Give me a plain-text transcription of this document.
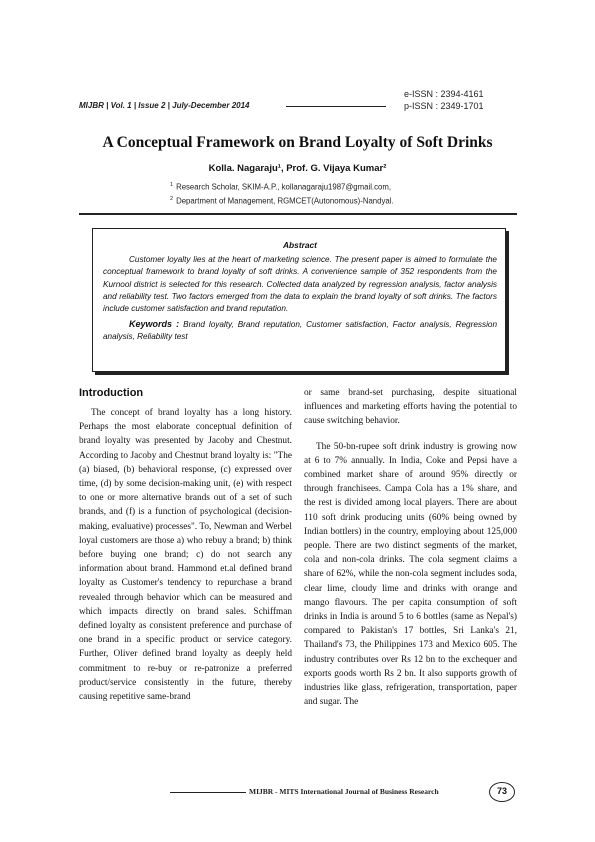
MIJBR | Vol. 1 | Issue 2 | July-December 2014
e-ISSN : 2394-4161
p-ISSN : 2349-1701
A Conceptual Framework on Brand Loyalty of Soft Drinks
Kolla. Nagaraju¹, Prof. G. Vijaya Kumar²
$^1$ Research Scholar, SKIM-A.P., kollanagaraju1987@gmail.com,
$^2$ Department of Management, RGMCET(Autonomous)-Nandyal.
Abstract

Customer loyalty lies at the heart of marketing science. The present paper is aimed to formulate the conceptual framework to brand loyalty of soft drinks. A convenience sample of 352 respondents from the Kurnool district is selected for this research. Collected data analyzed by regression analysis, factor analysis and reliability test. Two factors emerged from the data to explain the brand loyalty of soft drinks. The factors include customer satisfaction and brand reputation.

Keywords : Brand loyalty, Brand reputation, Customer satisfaction, Factor analysis, Regression analysis, Reliability test

Introduction

The concept of brand loyalty has a long history. Perhaps the most elaborate conceptual definition of brand loyalty was presented by Jacoby and Chestnut. According to Jacoby and Chestnut brand loyalty is: "The (a) biased, (b) behavioral response, (c) expressed over time, (d) by some decision-making unit, (e) with respect to one or more alternative brands out of a set of such brands, and (f) is a function of psychological (decision-making, evaluative) processes". To, Newman and Werbel loyal customers are those a) who rebuy a brand; b) think before buying one brand; c) do not search any information about brand. Hammond et.al defined brand loyalty as Customer's tendency to repurchase a brand revealed through behavior which can be measured and which impacts directly on brand sales. Schiffman defined loyalty as consistent preference and purchase of one brand in a specific product or service category. Further, Oliver defined brand loyalty as deeply held commitment to re-buy or re-patronize a preferred product/service consistently in the future, thereby causing repetitive same-brand

or same brand-set purchasing, despite situational influences and marketing efforts having the potential to cause switching behavior.

The 50-bn-rupee soft drink industry is growing now at 6 to 7% annually. In India, Coke and Pepsi have a combined market share of around 95% directly or through franchisees. Campa Cola has a 1% share, and the rest is divided among local players. There are about 110 soft drink producing units (60% being owned by Indian bottlers) in the country, employing about 125,000 people. There are two distinct segments of the market, cola and non-cola drinks. The cola segment claims a share of 62%, while the non-cola segment includes soda, clear lime, cloudy lime and drinks with orange and mango flavours. The per capita consumption of soft drinks in India is around 5 to 6 bottles (same as Nepal's) compared to Pakistan's 17 bottles, Sri Lanka's 21, Thailand's 73, the Philippines 173 and Mexico 605. The industry contributes over Rs 12 bn to the exchequer and exports goods worth Rs 2 bn. It also supports growth of industries like glass, refrigeration, transportation, paper and sugar. The

MIJBR - MITS International Journal of Business Research	73
